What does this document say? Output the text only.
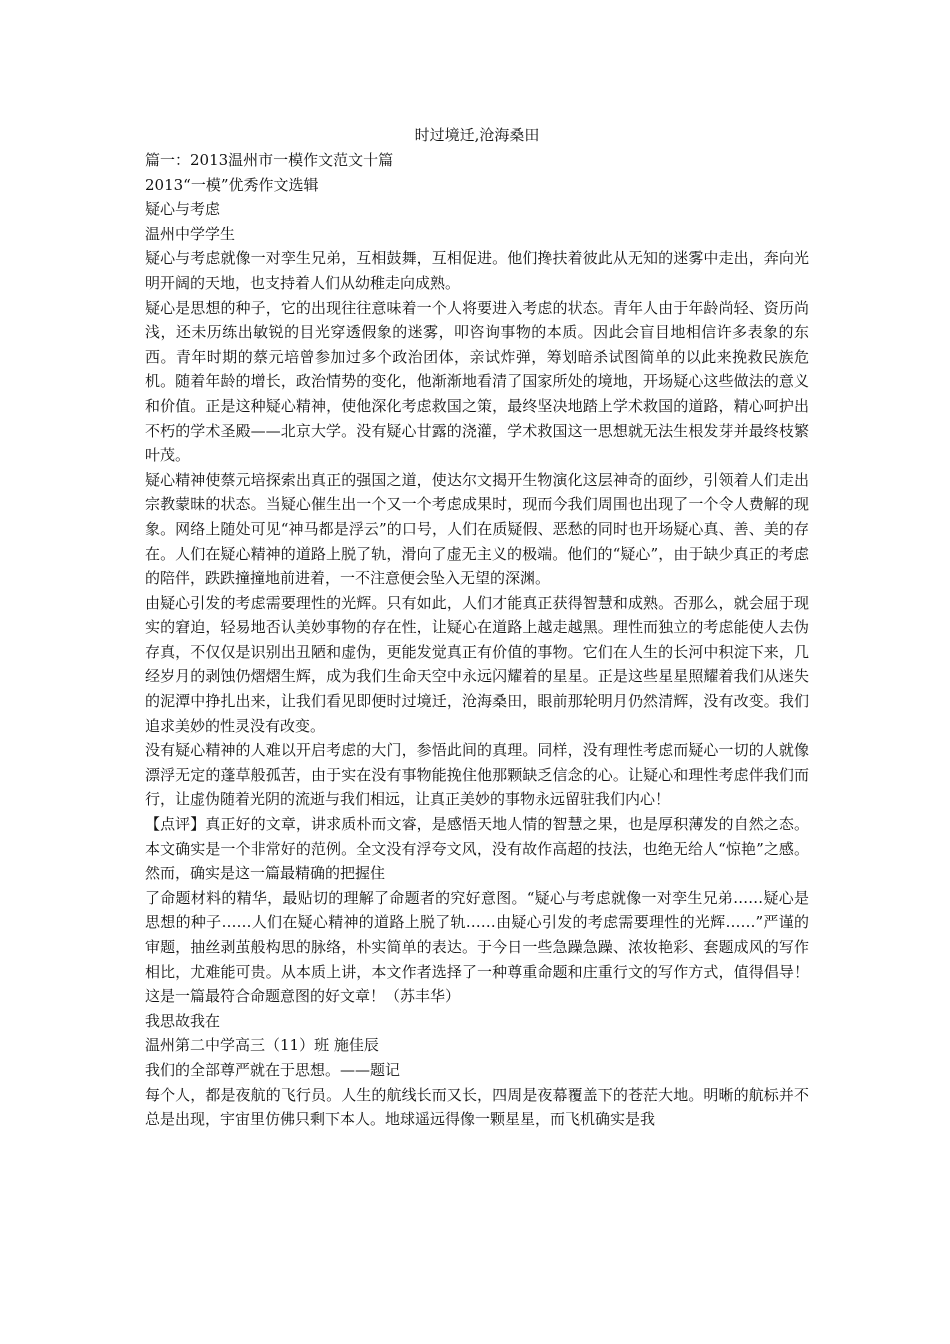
时过境迁,沧海桑田

篇一：2013温州市一模作文范文十篇

2013“一模”优秀作文选辑

疑心与考虑

温州中学学生

疑心与考虑就像一对孪生兄弟，互相鼓舞，互相促进。他们搀扶着彼此从无知的迷雾中走出，奔向光明开阔的天地，也支持着人们从幼稚走向成熟。

疑心是思想的种子，它的出现往往意味着一个人将要进入考虑的状态。青年人由于年龄尚轻、资历尚浅，还未历练出敏锐的目光穿透假象的迷雾，叩咨询事物的本质。因此会盲目地相信许多表象的东西。青年时期的蔡元培曾参加过多个政治团体，亲试炸弹，筹划暗杀试图简单的以此来挽救民族危机。随着年龄的增长，政治情势的变化，他渐渐地看清了国家所处的境地，开场疑心这些做法的意义和价值。正是这种疑心精神，使他深化考虑救国之策，最终坚决地踏上学术救国的道路，精心呵护出不朽的学术圣殿——北京大学。没有疑心甘露的浇灌，学术救国这一思想就无法生根发芽并最终枝繁叶茂。

疑心精神使蔡元培探索出真正的强国之道，使达尔文揭开生物演化这层神奇的面纱，引领着人们走出宗教蒙昧的状态。当疑心催生出一个又一个考虑成果时，现而今我们周围也出现了一个令人费解的现象。网络上随处可见“神马都是浮云”的口号，人们在质疑假、恶愁的同时也开场疑心真、善、美的存在。人们在疑心精神的道路上脱了轨，滑向了虚无主义的极端。他们的“疑心”，由于缺少真正的考虑的陪伴，跌跌撞撞地前进着，一不注意便会坠入无望的深渊。

由疑心引发的考虑需要理性的光辉。只有如此，人们才能真正获得智慧和成熟。否那么，就会屈于现实的窘迫，轻易地否认美妙事物的存在性，让疑心在道路上越走越黑。理性而独立的考虑能使人去伪存真，不仅仅是识别出丑陋和虚伪，更能发觉真正有价值的事物。它们在人生的长河中积淀下来，几经岁月的剥蚀仍熠熠生辉，成为我们生命天空中永远闪耀着的星星。正是这些星星照耀着我们从迷失的泥潭中挣扎出来，让我们看见即便时过境迁，沧海桑田，眼前那轮明月仍然清辉，没有改变。我们追求美妙的性灵没有改变。

没有疑心精神的人难以开启考虑的大门，参悟此间的真理。同样，没有理性考虑而疑心一切的人就像漂浮无定的蓬草般孤苦，由于实在没有事物能挽住他那颗缺乏信念的心。让疑心和理性考虑伴我们而行，让虚伪随着光阴的流逝与我们相远，让真正美妙的事物永远留驻我们内心！

【点评】真正好的文章，讲求质朴而文睿，是感悟天地人情的智慧之果，也是厚积薄发的自然之态。本文确实是一个非常好的范例。全文没有浮夸文风，没有故作高超的技法，也绝无给人“惊艳”之感。然而，确实是这一篇最精确的把握住

了命题材料的精华，最贴切的理解了命题者的究好意图。“疑心与考虑就像一对孪生兄弟……疑心是思想的种子……人们在疑心精神的道路上脱了轨……由疑心引发的考虑需要理性的光辉……”严谨的审题，抽丝剥茧般构思的脉络，朴实简单的表达。于今日一些急躁急躁、浓妆艳彩、套题成风的写作相比，尤难能可贵。从本质上讲，本文作者选择了一种尊重命题和庄重行文的写作方式，值得倡导！这是一篇最符合命题意图的好文章！（苏丰华）

我思故我在

温州第二中学高三（11）班 施佳辰

我们的全部尊严就在于思想。——题记

每个人，都是夜航的飞行员。人生的航线长而又长，四周是夜幕覆盖下的苍茫大地。明晰的航标并不总是出现，宇宙里仿佛只剩下本人。地球遥远得像一颗星星，而飞机确实是我
